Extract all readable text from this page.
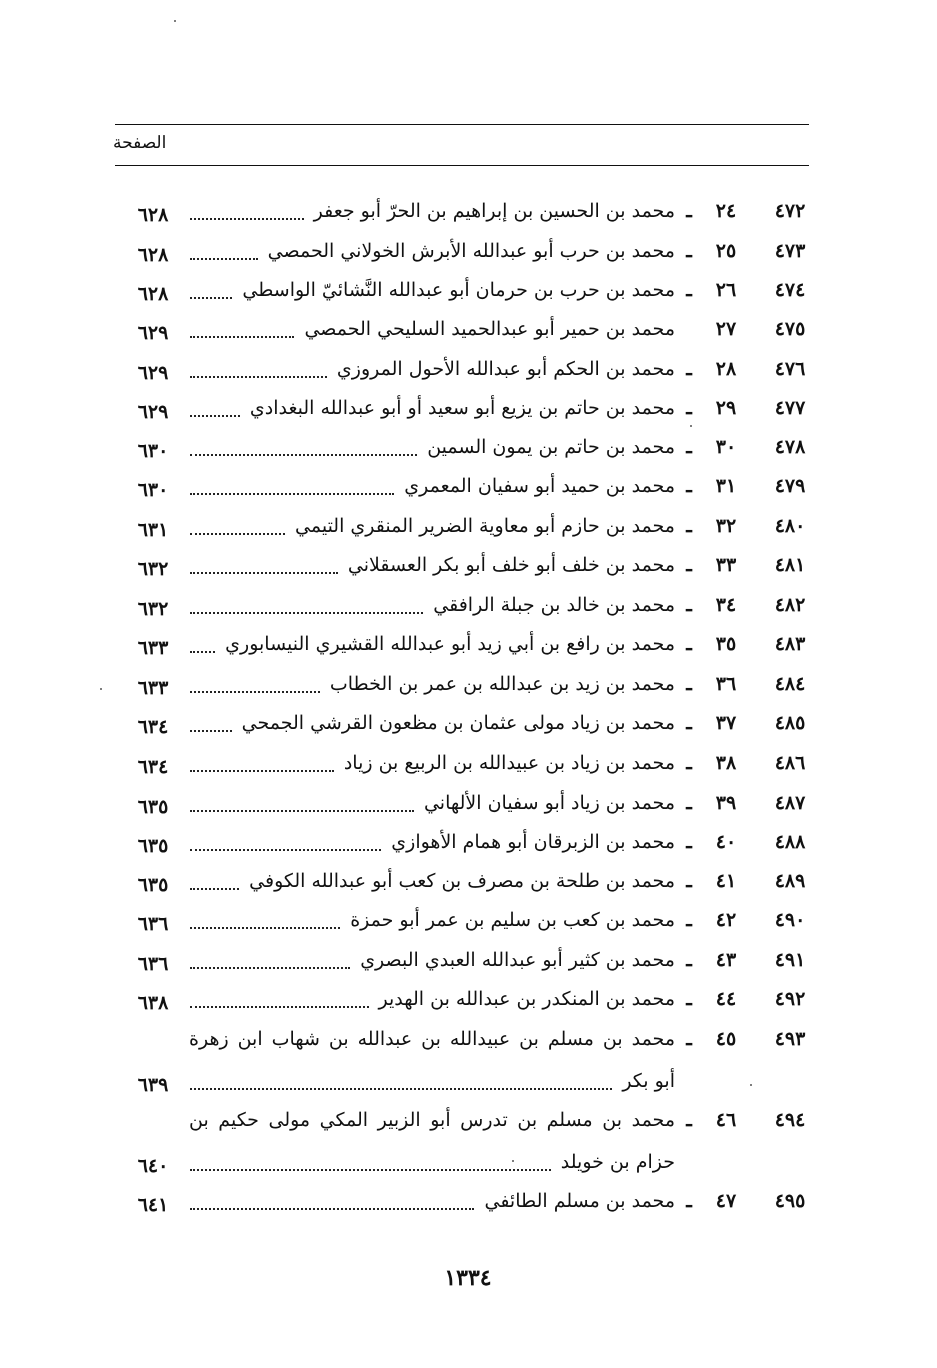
الصفحة
٤٧٢
٢٤
ـ
محمد بن الحسين بن إبراهيم بن الحرّ أبو جعفر
٦٢٨
٤٧٣
٢٥
ـ
محمد بن حرب أبو عبدالله الأبرش الخولاني الحمصي
٦٢٨
٤٧٤
٢٦
ـ
محمد بن حرب بن حرمان أبو عبدالله النَّشائيّ الواسطي
٦٢٨
٤٧٥
٢٧
محمد بن حمير أبو عبدالحميد السليحي الحمصي
٦٢٩
٤٧٦
٢٨
ـ
محمد بن الحكم أبو عبدالله الأحول المروزي
٦٢٩
٤٧٧
٢٩
ـ
محمد بن حاتم بن يزيع أبو سعيد أو أبو عبدالله البغدادي
٦٢٩
٤٧٨
٣٠
ـ
محمد بن حاتم بن يمون السمين
٦٣٠
٤٧٩
٣١
ـ
محمد بن حميد أبو سفيان المعمري
٦٣٠
٤٨٠
٣٢
ـ
محمد بن حازم أبو معاوية الضرير المنقري التيمي
٦٣١
٤٨١
٣٣
ـ
محمد بن خلف أبو خلف أبو بكر العسقلاني
٦٣٢
٤٨٢
٣٤
ـ
محمد بن خالد بن جبلة الرافقي
٦٣٢
٤٨٣
٣٥
ـ
محمد بن رافع بن أبي زيد أبو عبدالله القشيري النيسابوري
٦٣٣
٤٨٤
٣٦
ـ
محمد بن زيد بن عبدالله بن عمر بن الخطاب
٦٣٣
٤٨٥
٣٧
ـ
محمد بن زياد مولى عثمان بن مظعون القرشي الجمحي
٦٣٤
٤٨٦
٣٨
ـ
محمد بن زياد بن عبيدالله بن الربيع بن زياد
٦٣٤
٤٨٧
٣٩
ـ
محمد بن زياد أبو سفيان الألهاني
٦٣٥
٤٨٨
٤٠
ـ
محمد بن الزبرقان أبو همام الأهوازي
٦٣٥
٤٨٩
٤١
ـ
محمد بن طلحة بن مصرف بن كعب أبو عبدالله الكوفي
٦٣٥
٤٩٠
٤٢
ـ
محمد بن كعب بن سليم بن عمر أبو حمزة
٦٣٦
٤٩١
٤٣
ـ
محمد بن كثير أبو عبدالله العبدي البصري
٦٣٦
٤٩٢
٤٤
ـ
محمد بن المنكدر بن عبدالله بن الهدير
٦٣٨
٤٩٣
٤٥
ـ
محمد بن مسلم بن عبيدالله بن عبدالله بن شهاب ابن زهرة
أبو بكر
٦٣٩
٤٩٤
٤٦
ـ
محمد بن مسلم بن تدرس أبو الزبير المكي مولى حكيم بن
حزام بن خويلد
٦٤٠
٤٩٥
٤٧
ـ
محمد بن مسلم الطائفي
٦٤١
١٣٣٤
